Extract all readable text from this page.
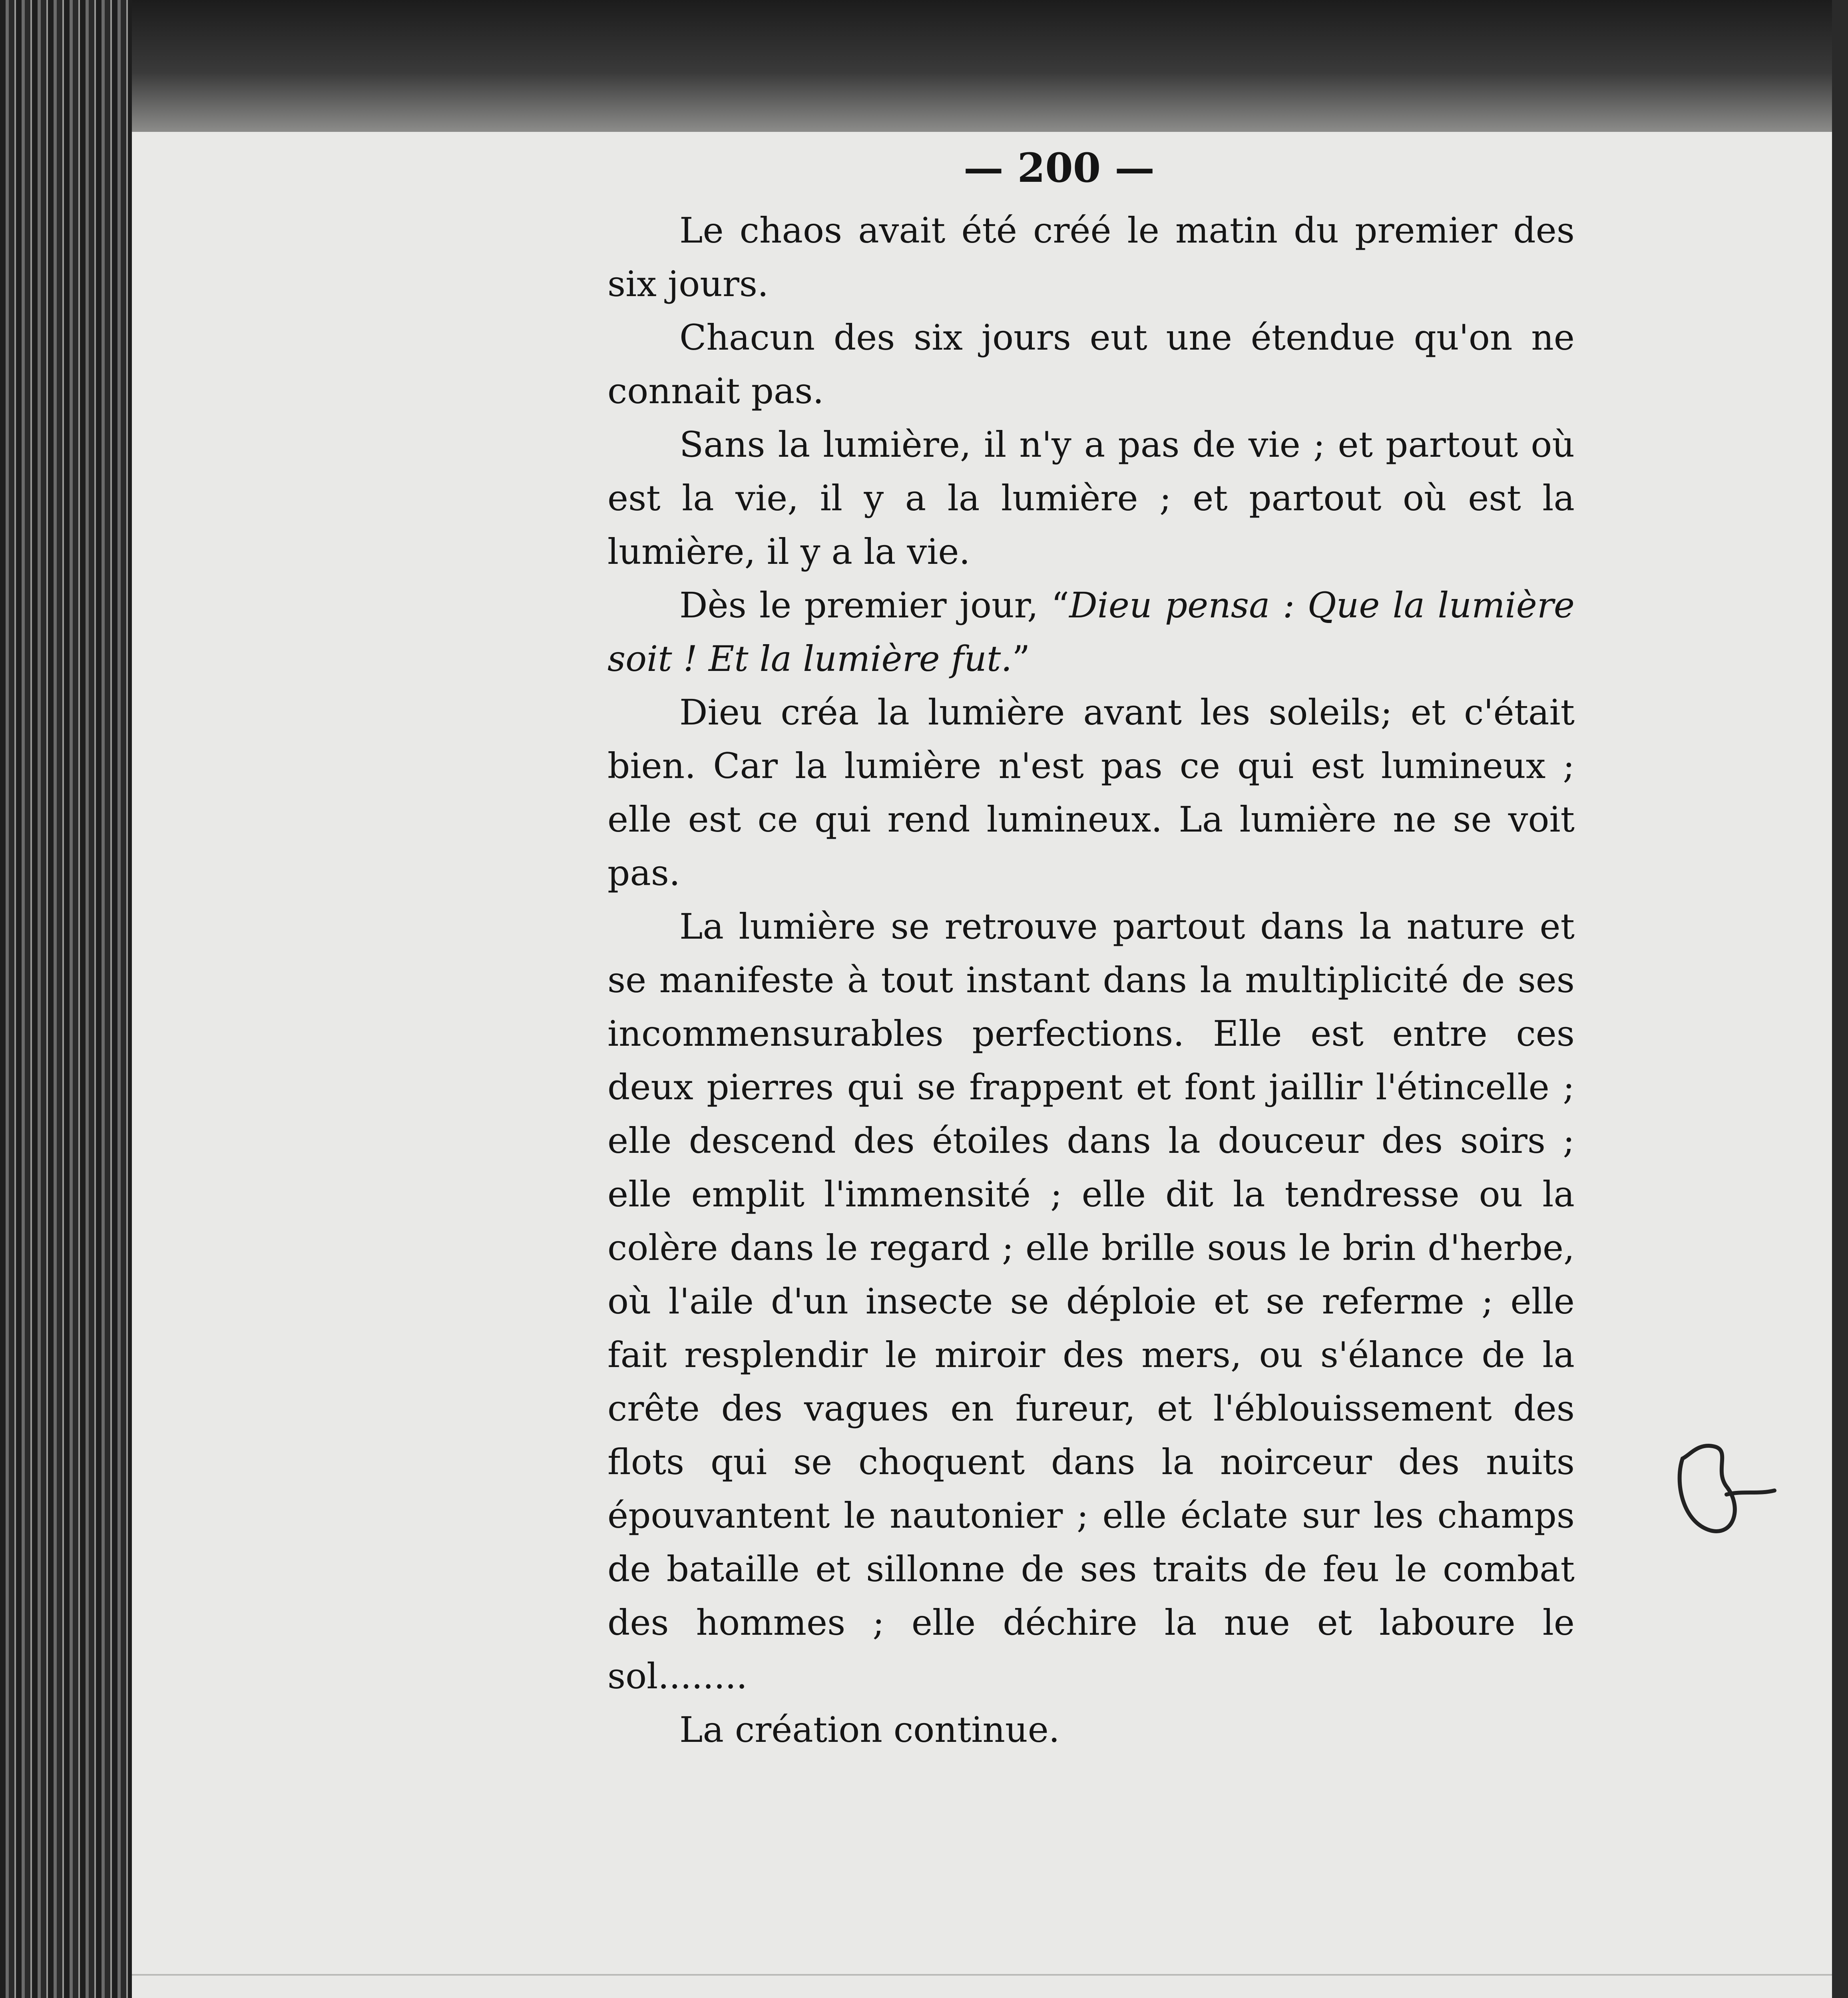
— 200 —

Le chaos avait été créé le matin du premier des six jours.

Chacun des six jours eut une étendue qu'on ne connait pas.

Sans la lumière, il n'y a pas de vie ; et partout où est la vie, il y a la lumière ; et partout où est la lumière, il y a la vie.

Dès le premier jour, “Dieu pensa : Que la lumière soit ! Et la lumière fut.”

Dieu créa la lumière avant les soleils; et c'était bien. Car la lumière n'est pas ce qui est lumineux ; elle est ce qui rend lumineux. La lumière ne se voit pas.

La lumière se retrouve partout dans la nature et se manifeste à tout instant dans la multiplicité de ses incommensurables perfections. Elle est entre ces deux pierres qui se frappent et font jaillir l'étincelle ; elle descend des étoiles dans la douceur des soirs ; elle emplit l'immensité ; elle dit la tendresse ou la colère dans le regard ; elle brille sous le brin d'herbe, où l'aile d'un insecte se déploie et se referme ; elle fait resplendir le miroir des mers, ou s'élance de la crête des vagues en fureur, et l'éblouissement des flots qui se choquent dans la noirceur des nuits épouvantent le nautonier ; elle éclate sur les champs de bataille et sillonne de ses traits de feu le combat des hommes ; elle déchire la nue et laboure le sol........

La création continue.
